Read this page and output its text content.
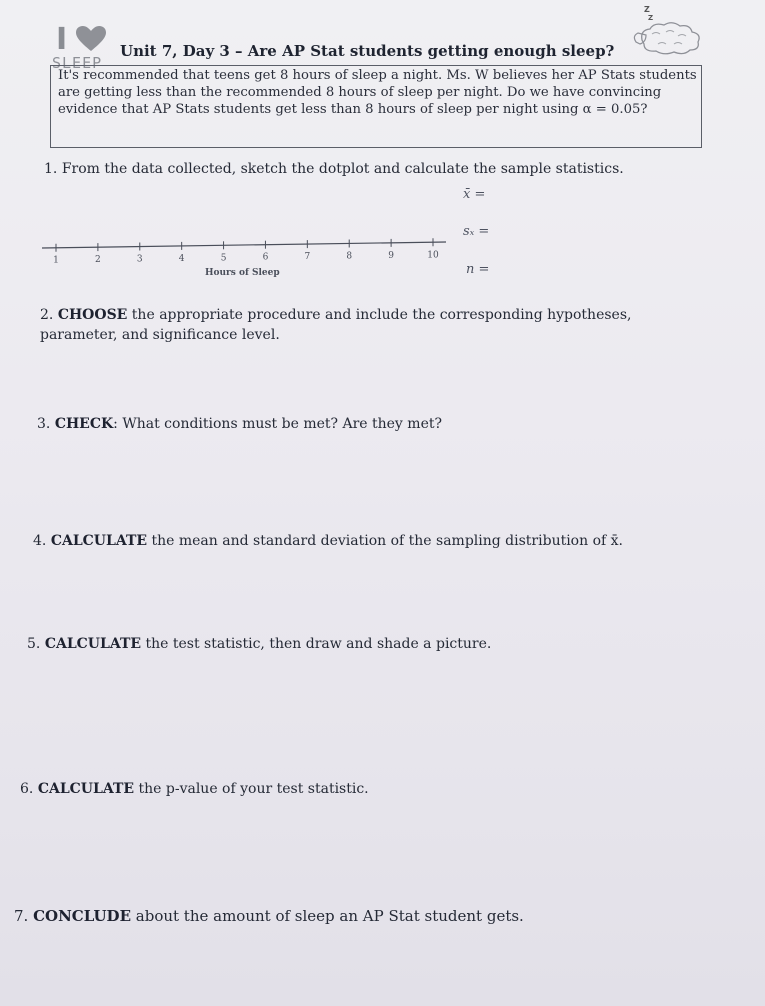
I
SLEEP
Unit 7, Day 3 – Are AP Stat students getting enough sleep?
Z
Z
It's recommended that teens get 8 hours of sleep a night. Ms. W believes her AP Stats students are getting less than the recommended 8 hours of sleep per night. Do we have convincing evidence that AP Stats students get less than 8 hours of sleep per night using α = 0.05?
1. From the data collected, sketch the dotplot and calculate the sample statistics.
x̄ =
sₓ =
n =
1	2	3	4	5	6	7	8	9	10
Hours of Sleep
2. CHOOSE the appropriate procedure and include the corresponding hypotheses, parameter, and significance level.
3. CHECK: What conditions must be met? Are they met?
4. CALCULATE the mean and standard deviation of the sampling distribution of x̄.
5. CALCULATE the test statistic, then draw and shade a picture.
6. CALCULATE the p-value of your test statistic.
7. CONCLUDE about the amount of sleep an AP Stat student gets.
